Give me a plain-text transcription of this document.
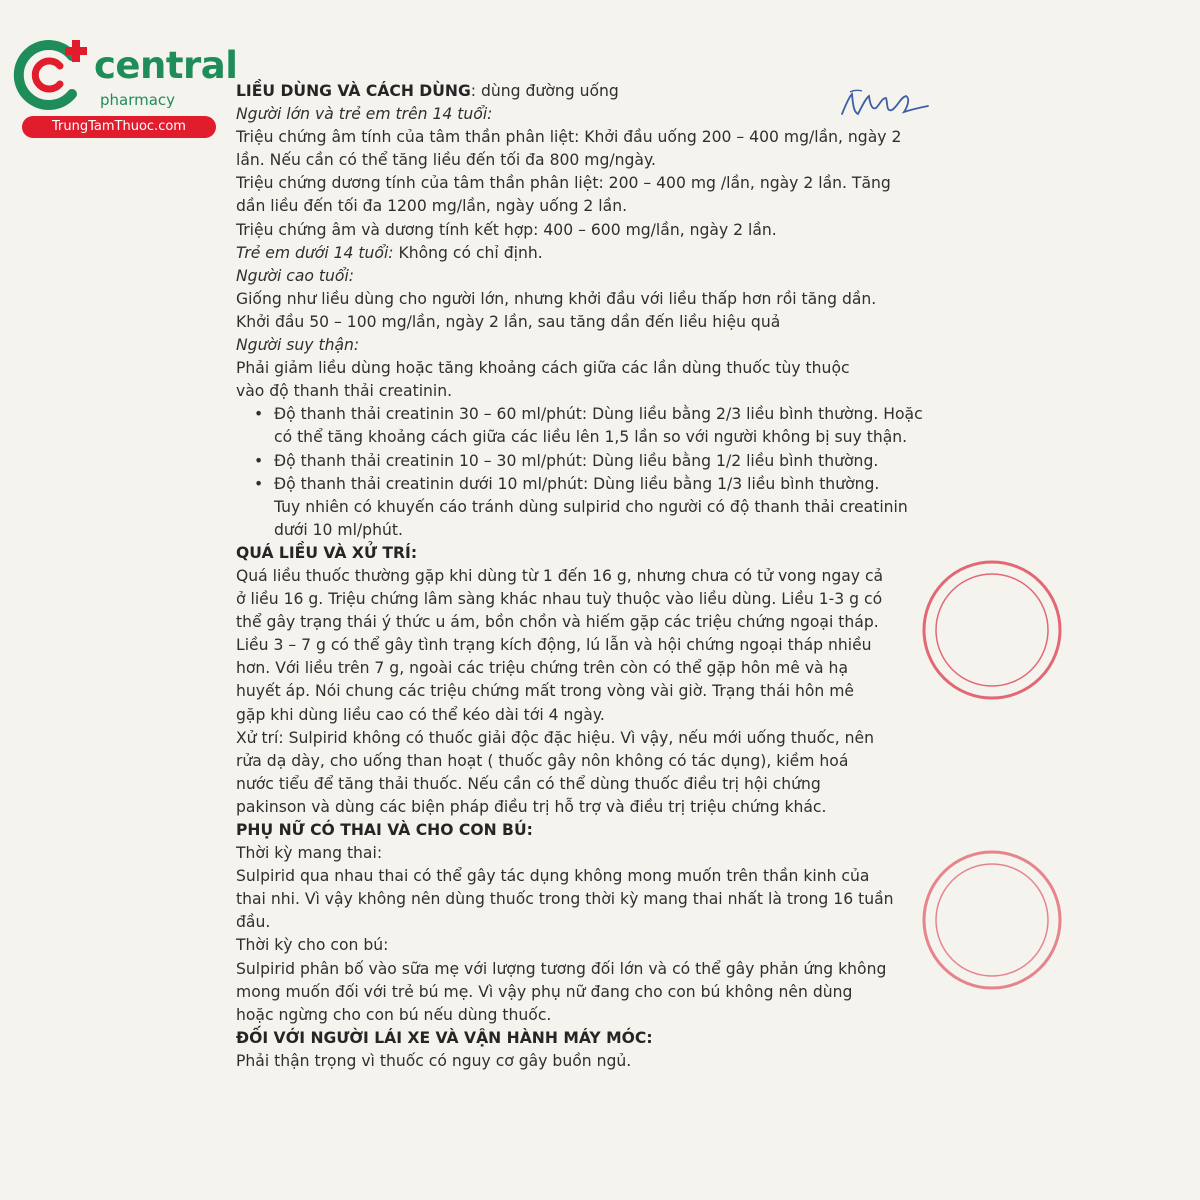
central
pharmacy
TrungTamThuoc.com
LIỀU DÙNG VÀ CÁCH DÙNG: dùng đường uống
Người lớn và trẻ em trên 14 tuổi:
Triệu chứng âm tính của tâm thần phân liệt: Khởi đầu uống 200 – 400 mg/lần, ngày 2
lần. Nếu cần có thể tăng liều đến tối đa 800 mg/ngày.
Triệu chứng dương tính của tâm thần phân liệt: 200 – 400 mg /lần, ngày 2 lần. Tăng
dần liều đến tối đa 1200 mg/lần, ngày uống 2 lần.
Triệu chứng âm và dương tính kết hợp: 400 – 600 mg/lần, ngày 2 lần.
Trẻ em dưới 14 tuổi: Không có chỉ định.
Người cao tuổi:
Giống như liều dùng cho người lớn, nhưng khởi đầu với liều thấp hơn rồi tăng dần.
Khởi đầu 50 – 100 mg/lần, ngày 2 lần, sau tăng dần đến liều hiệu quả
Người suy thận:
Phải giảm liều dùng hoặc tăng khoảng cách giữa các lần dùng thuốc tùy thuộc
vào độ thanh thải creatinin.
• Độ thanh thải creatinin 30 – 60 ml/phút: Dùng liều bằng 2/3 liều bình thường. Hoặc
có thể tăng khoảng cách giữa các liều lên 1,5 lần so với người không bị suy thận.
• Độ thanh thải creatinin 10 – 30 ml/phút: Dùng liều bằng 1/2 liều bình thường.
• Độ thanh thải creatinin dưới 10 ml/phút: Dùng liều bằng 1/3 liều bình thường.
Tuy nhiên có khuyến cáo tránh dùng sulpirid cho người có độ thanh thải creatinin
dưới 10 ml/phút.
QUÁ LIỀU VÀ XỬ TRÍ:
Quá liều thuốc thường gặp khi dùng từ 1 đến 16 g, nhưng chưa có tử vong ngay cả
ở liều 16 g. Triệu chứng lâm sàng khác nhau tuỳ thuộc vào liều dùng. Liều 1-3 g có
thể gây trạng thái ý thức u ám, bồn chồn và hiếm gặp các triệu chứng ngoại tháp.
Liều 3 – 7 g có thể gây tình trạng kích động, lú lẫn và hội chứng ngoại tháp nhiều
hơn. Với liều trên 7 g, ngoài các triệu chứng trên còn có thể gặp hôn mê và hạ
huyết áp. Nói chung các triệu chứng mất trong vòng vài giờ. Trạng thái hôn mê
gặp khi dùng liều cao có thể kéo dài tới 4 ngày.
Xử trí: Sulpirid không có thuốc giải độc đặc hiệu. Vì vậy, nếu mới uống thuốc, nên
rửa dạ dày, cho uống than hoạt ( thuốc gây nôn không có tác dụng), kiềm hoá
nước tiểu để tăng thải thuốc. Nếu cần có thể dùng thuốc điều trị hội chứng
pakinson và dùng các biện pháp điều trị hỗ trợ và điều trị triệu chứng khác.
PHỤ NỮ CÓ THAI VÀ CHO CON BÚ:
Thời kỳ mang thai:
Sulpirid qua nhau thai có thể gây tác dụng không mong muốn trên thần kinh của
thai nhi. Vì vậy không nên dùng thuốc trong thời kỳ mang thai nhất là trong 16 tuần
đầu.
Thời kỳ cho con bú:
Sulpirid phân bố vào sữa mẹ với lượng tương đối lớn và có thể gây phản ứng không
mong muốn đối với trẻ bú mẹ. Vì vậy phụ nữ đang cho con bú không nên dùng
hoặc ngừng cho con bú nếu dùng thuốc.
ĐỐI VỚI NGƯỜI LÁI XE VÀ VẬN HÀNH MÁY MÓC:
Phải thận trọng vì thuốc có nguy cơ gây buồn ngủ.
